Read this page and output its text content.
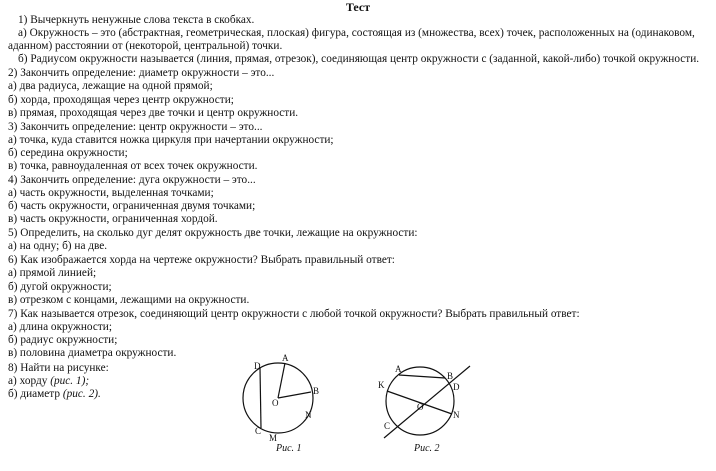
Тест
1) Вычеркнуть ненужные слова текста в скобках.
а) Окружность – это (абстрактная, геометрическая, плоская) фигура, состоящая из (множества, всех) точек, расположенных на (одинаковом,
аданном) расстоянии от (некоторой, центральной) точки.
б) Радиусом окружности называется (линия, прямая, отрезок), соединяющая центр окружности с (заданной, какой-либо) точкой окружности.
2) Закончить определение: диаметр окружности – это...
а) два радиуса, лежащие на одной прямой;
б) хорда, проходящая через центр окружности;
в) прямая, проходящая через две точки и центр окружности.
3) Закончить определение: центр окружности – это...
а) точка, куда ставится ножка циркуля при начертании окружности;
б) середина окружности;
в) точка, равноудаленная от всех точек окружности.
4) Закончить определение: дуга окружности – это...
а) часть окружности, выделенная точками;
б) часть окружности, ограниченная двумя точками;
в) часть окружности, ограниченная хордой.
5) Определить, на сколько дуг делят окружность две точки, лежащие на окружности:
а) на одну; б) на две.
6) Как изображается хорда на чертеже окружности? Выбрать правильный ответ:
а) прямой линией;
б) дугой окружности;
в) отрезком с концами, лежащими на окружности.
7) Как называется отрезок, соединяющий центр окружности с любой точкой окружности? Выбрать правильный ответ:
а) длина окружности;
б) радиус окружности;
в) половина диаметра окружности.
8) Найти на рисунке:
а) хорду (рис. 1);
б) диаметр (рис. 2).
D
A
B
O
N
C
M
Рис. 1
A
B
K	D
O
N
C
Рис. 2
